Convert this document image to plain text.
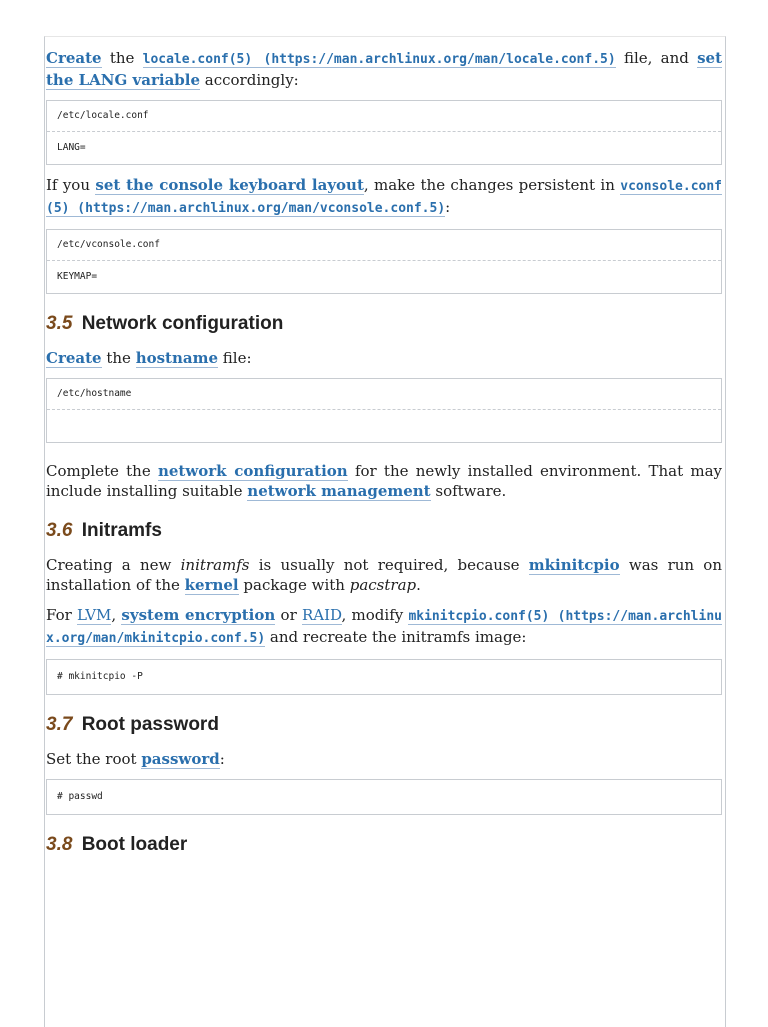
Create the locale.conf(5) (https://man.archlinux.org/man/locale.conf.5) file, and set the LANG variable accordingly:

/etc/locale.conf
LANG=

If you set the console keyboard layout, make the changes persistent in vconsole.conf(5) (https://man.archlinux.org/man/vconsole.conf.5):

/etc/vconsole.conf
KEYMAP=
3.5 Network configuration

Create the hostname file:

/etc/hostname

Complete the network configuration for the newly installed environment. That may include installing suitable network management software.

3.6 Initramfs

Creating a new initramfs is usually not required, because mkinitcpio was run on installation of the kernel package with pacstrap.

For LVM, system encryption or RAID, modify mkinitcpio.conf(5) (https://man.archlinux.org/man/mkinitcpio.conf.5) and recreate the initramfs image:

# mkinitcpio -P
3.7 Root password

Set the root password:

# passwd
3.8 Boot loader
